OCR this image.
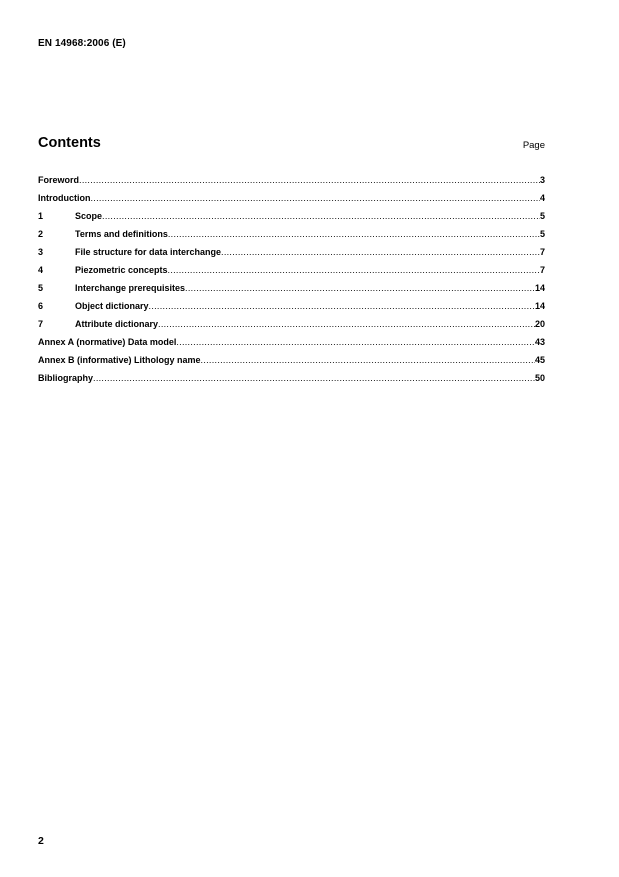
EN 14968:2006 (E)
Contents	Page
Foreword .....	3
Introduction .....	4
1	Scope .....	5
2	Terms and definitions .....	5
3	File structure for data interchange .....	7
4	Piezometric concepts .....	7
5	Interchange prerequisites .....	14
6	Object dictionary .....	14
7	Attribute dictionary .....	20
Annex A (normative) Data model .....	43
Annex B (informative) Lithology name .....	45
Bibliography .....	50
2
